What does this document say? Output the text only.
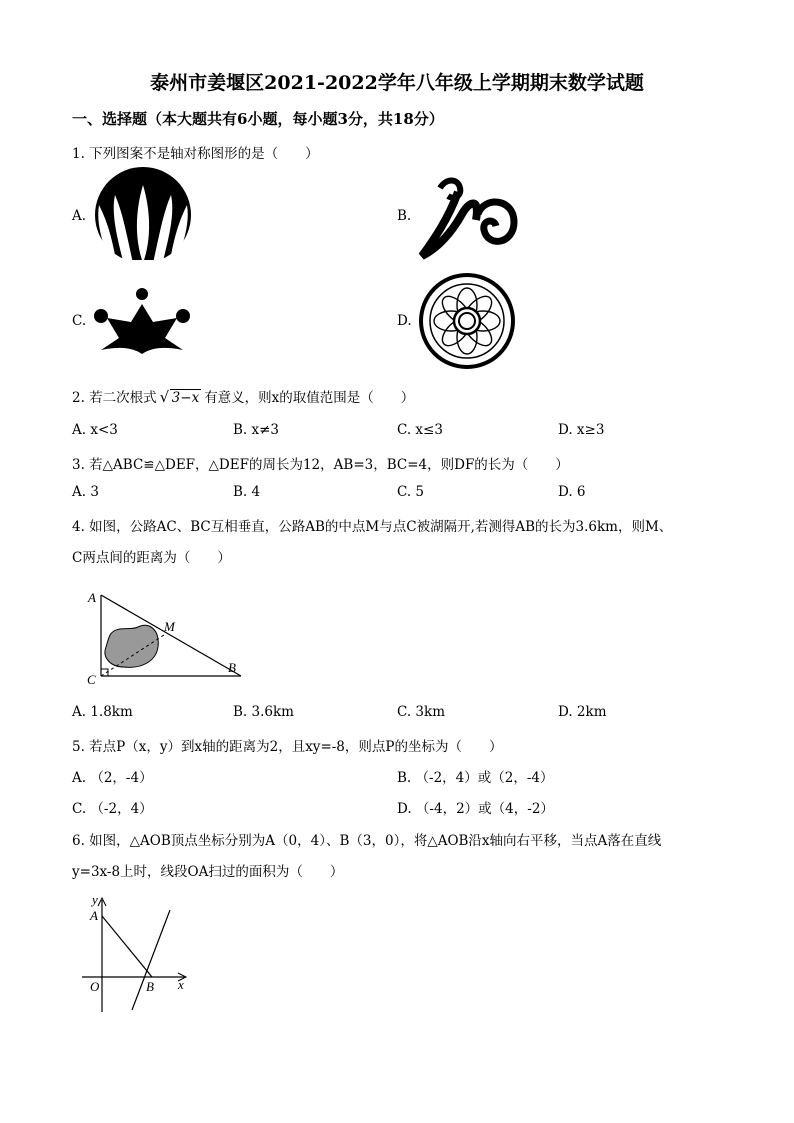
泰州市姜堰区2021-2022学年八年级上学期期末数学试题
一、选择题（本大题共有6小题，每小题3分，共18分）
1. 下列图案不是轴对称图形的是（　　）
A.	B.
C.	D.
2. 若二次根式 √ 3−x 有意义，则x的取值范围是（　　）
A. x<3	B. x≠3	C. x≤3	D. x≥3
3. 若△ABC≌△DEF，△DEF的周长为12，AB=3，BC=4，则DF的长为（　　）
A. 3	B. 4	C. 5	D. 6
4. 如图，公路AC、BC互相垂直，公路AB的中点M与点C被湖隔开,若测得AB的长为3.6km，则M、
C两点间的距离为（　　）
A
M
B
C
A. 1.8km	B. 3.6km	C. 3km	D. 2km
5. 若点P（x，y）到x轴的距离为2，且xy=-8，则点P的坐标为（　　）
A. （2，-4）	B. （-2，4）或（2，-4）
C. （-2，4）	D. （-4，2）或（4，-2）
6. 如图，△AOB顶点坐标分别为A（0，4）、B（3，0），将△AOB沿x轴向右平移，当点A落在直线
y=3x-8上时，线段OA扫过的面积为（　　）
y
A
O	B x
